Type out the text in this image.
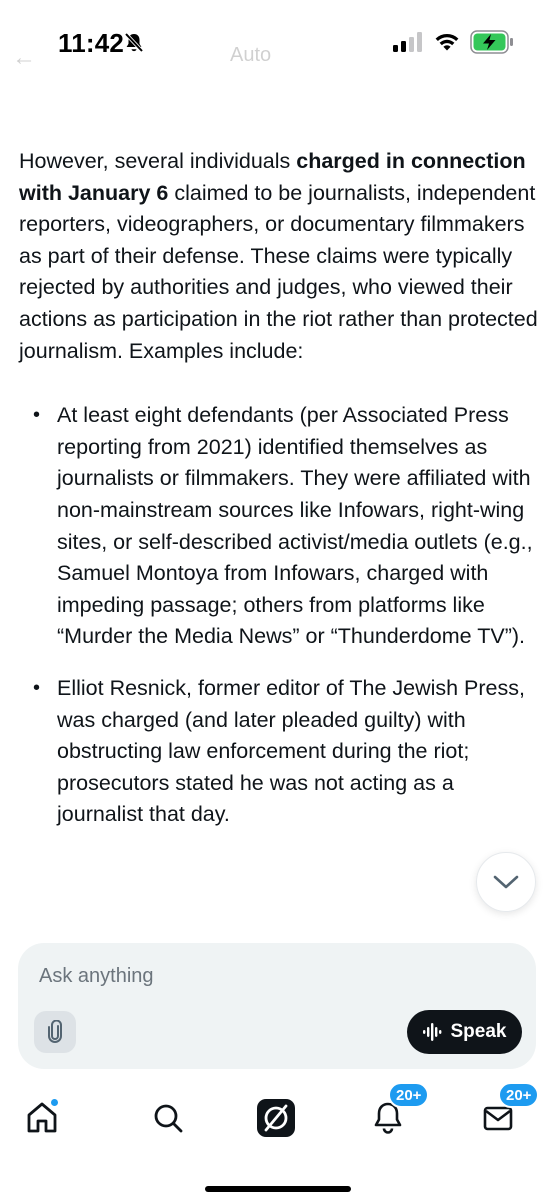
11:42
←	Auto

However, several individuals charged in connection with January 6 claimed to be journalists, independent reporters, videographers, or documentary filmmakers as part of their defense. These claims were typically rejected by authorities and judges, who viewed their actions as participation in the riot rather than protected journalism. Examples include:

• At least eight defendants (per Associated Press reporting from 2021) identified themselves as journalists or filmmakers. They were affiliated with non-mainstream sources like Infowars, right-wing sites, or self-described activist/media outlets (e.g., Samuel Montoya from Infowars, charged with impeding passage; others from platforms like “Murder the Media News” or “Thunderdome TV”).
• Elliot Resnick, former editor of The Jewish Press, was charged (and later pleaded guilty) with obstructing law enforcement during the riot; prosecutors stated he was not acting as a journalist that day.
Ask anything
Speak
20+	20+
